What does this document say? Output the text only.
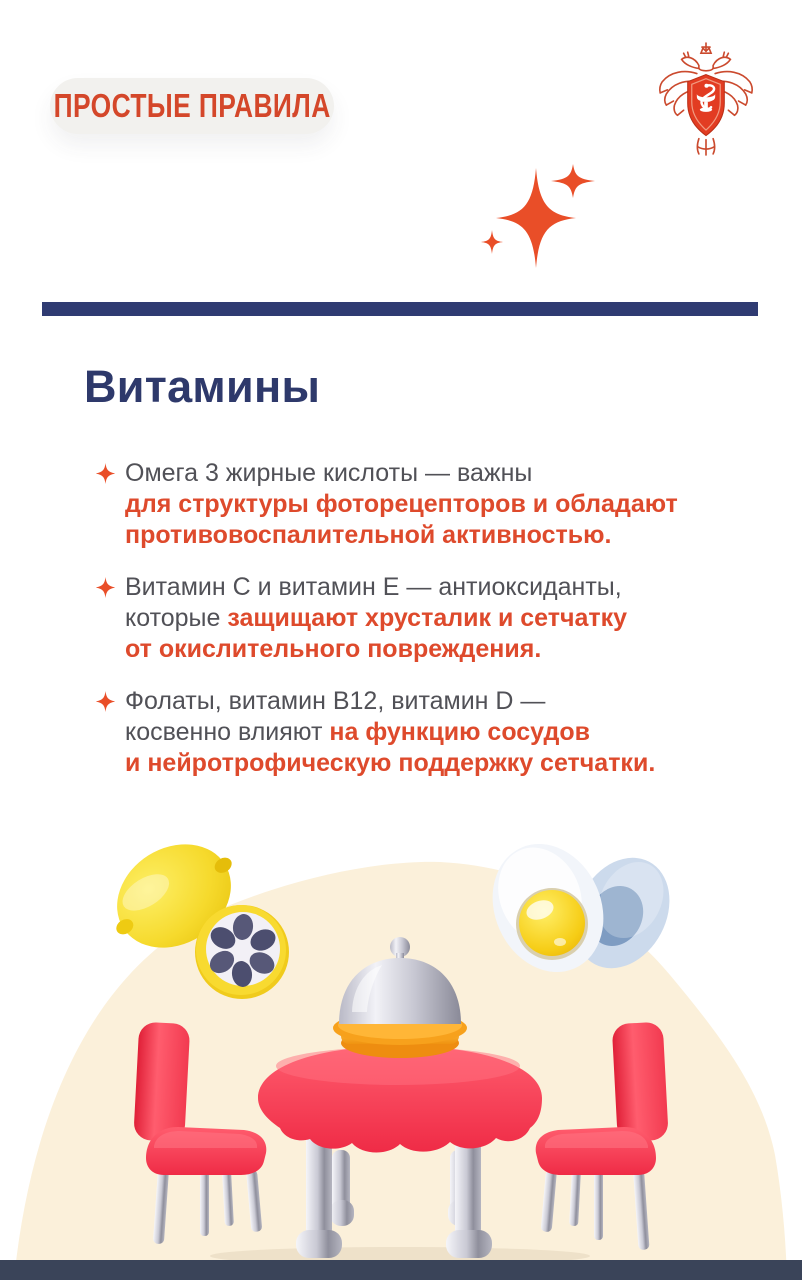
ПРОСТЫЕ ПРАВИЛА
Витамины
Омега 3 жирные кислоты — важны
для структуры фоторецепторов и обладают
противовоспалительной активностью.
Витамин C и витамин E — антиоксиданты,
которые защищают хрусталик и сетчатку
от окислительного повреждения.
Фолаты, витамин B12, витамин D —
косвенно влияют на функцию сосудов
и нейротрофическую поддержку сетчатки.
